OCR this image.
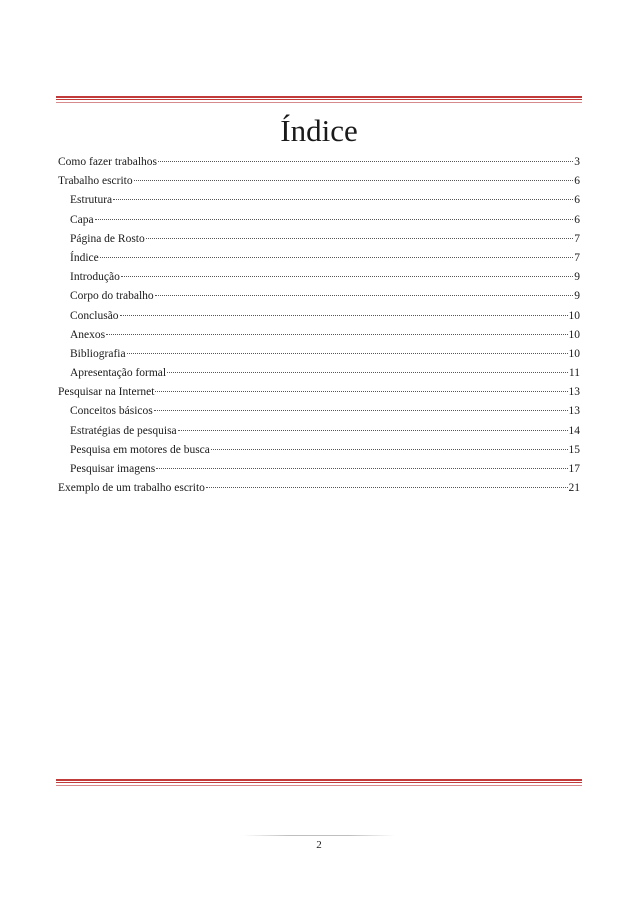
Índice
Como fazer trabalhos	3
Trabalho escrito	6
Estrutura	6
Capa	6
Página de Rosto	7
Índice	7
Introdução	9
Corpo do trabalho	9
Conclusão	10
Anexos	10
Bibliografia	10
Apresentação formal	11
Pesquisar na Internet	13
Conceitos básicos	13
Estratégias de pesquisa	14
Pesquisa em motores de busca	15
Pesquisar imagens	17
Exemplo de um trabalho escrito	21
2
